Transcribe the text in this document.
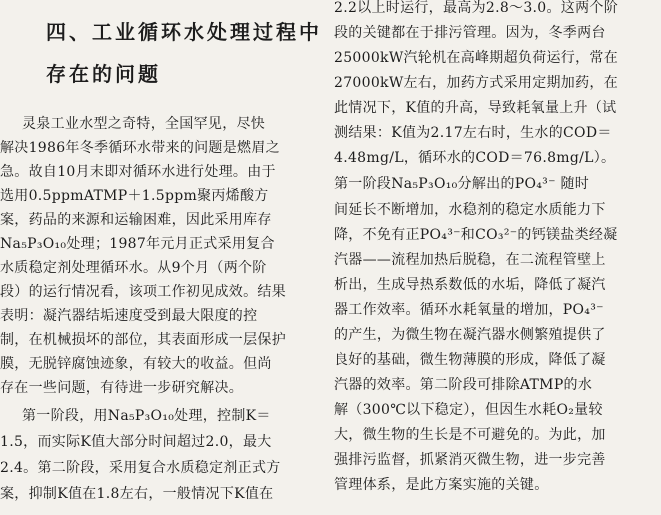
四、工业循环水处理过程中
存在的问题
灵泉工业水型之奇特，全国罕见，尽快
解决1986年冬季循环水带来的问题是燃眉之
急。故自10月末即对循环水进行处理。由于
选用0.5ppmATMP＋1.5ppm聚丙烯酸方
案，药品的来源和运输困难，因此采用库存
Na₅P₃O₁₀处理；1987年元月正式采用复合
水质稳定剂处理循环水。从9个月（两个阶
段）的运行情况看，该项工作初见成效。结果
表明：凝汽器结垢速度受到最大限度的控
制，在机械损坏的部位，其表面形成一层保护
膜，无脱锌腐蚀迹象，有较大的收益。但尚
存在一些问题，有待进一步研究解决。
第一阶段，用Na₅P₃O₁₀处理，控制K＝
1.5，而实际K值大部分时间超过2.0，最大
2.4。第二阶段，采用复合水质稳定剂正式方
案，抑制K值在1.8左右，一般情况下K值在
2.2以上时运行，最高为2.8～3.0。这两个阶
段的关键都在于排污管理。因为，冬季两台
25000kW汽轮机在高峰期超负荷运行，常在
27000kW左右，加药方式采用定期加药，在
此情况下，K值的升高，导致耗氧量上升（试
测结果：K值为2.17左右时，生水的COD＝
4.48mg/L，循环水的COD＝76.8mg/L）。
第一阶段Na₅P₃O₁₀分解出的PO₄³⁻ 随时
间延长不断增加，水稳剂的稳定水质能力下
降，不免有正PO₄³⁻和CO₃²⁻的钙镁盐类经凝
汽器——流程加热后脱稳，在二流程管壁上
析出，生成导热系数低的水垢，降低了凝汽
器工作效率。循环水耗氧量的增加，PO₄³⁻
的产生，为微生物在凝汽器水侧繁殖提供了
良好的基础，微生物薄膜的形成，降低了凝
汽器的效率。第二阶段可排除ATMP的水
解（300℃以下稳定），但因生水耗O₂量较
大，微生物的生长是不可避免的。为此，加
强排污监督，抓紧消灭微生物，进一步完善
管理体系，是此方案实施的关键。
